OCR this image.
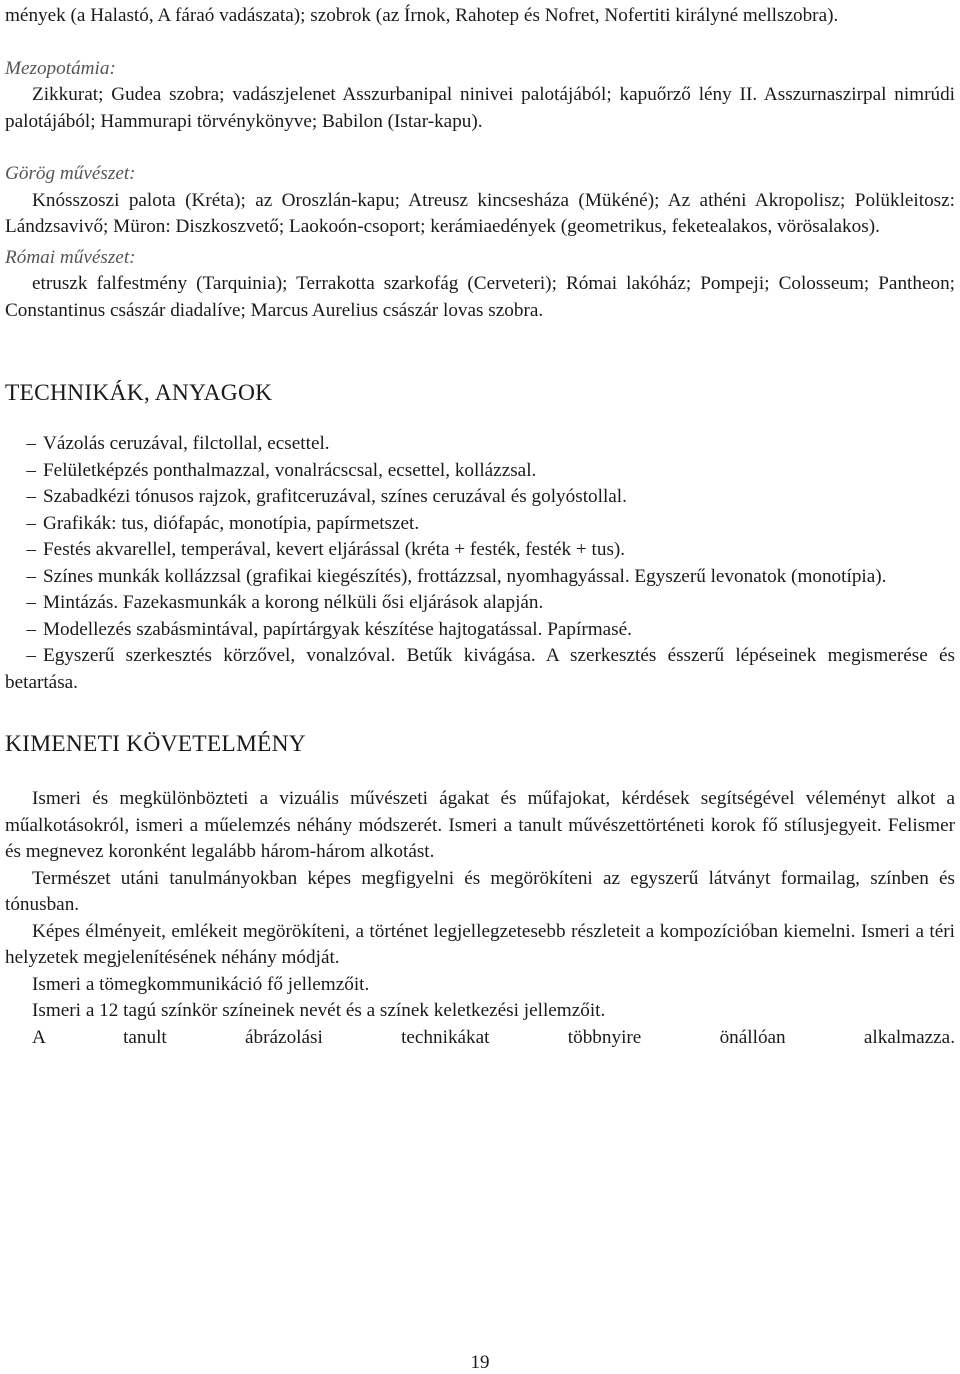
mények (a Halastó, A fáraó vadászata); szobrok (az Írnok, Rahotep és Nofret, Nofertiti királyné mellszobra).

Mezopotámia:

Zikkurat; Gudea szobra; vadászjelenet Asszurbanipal ninivei palotájából; kapuőrző lény II. Asszurnaszirpal nimrúdi palotájából; Hammurapi törvénykönyve; Babilon (Istar-kapu).

Görög művészet:

Knósszoszi palota (Kréta); az Oroszlán-kapu; Atreusz kincsesháza (Mükéné); Az athéni Akropolisz; Polükleitosz: Lándzsavivő; Müron: Diszkoszvető; Laokoón-csoport; kerámiaedények (geometrikus, feketealakos, vörösalakos).

Római művészet:

etruszk falfestmény (Tarquinia); Terrakotta szarkofág (Cerveteri); Római lakóház; Pompeji; Colosseum; Pantheon; Constantinus császár diadalíve; Marcus Aurelius császár lovas szobra.

TECHNIKÁK, ANYAGOK
– Vázolás ceruzával, filctollal, ecsettel.
– Felületképzés ponthalmazzal, vonalrácscsal, ecsettel, kollázzsal.
– Szabadkézi tónusos rajzok, grafitceruzával, színes ceruzával és golyóstollal.
– Grafikák: tus, diófapác, monotípia, papírmetszet.
– Festés akvarellel, temperával, kevert eljárással (kréta + festék, festék + tus).
– Színes munkák kollázzsal (grafikai kiegészítés), frottázzsal, nyomhagyással. Egyszerű levonatok (monotípia).
– Mintázás. Fazekasmunkák a korong nélküli ősi eljárások alapján.
– Modellezés szabásmintával, papírtárgyak készítése hajtogatással. Papírmasé.
– Egyszerű szerkesztés körzővel, vonalzóval. Betűk kivágása. A szerkesztés ésszerű lépéseinek megismerése és betartása.
KIMENETI KÖVETELMÉNY

Ismeri és megkülönbözteti a vizuális művészeti ágakat és műfajokat, kérdések segítségével véleményt alkot a műalkotásokról, ismeri a műelemzés néhány módszerét. Ismeri a tanult művészettörténeti korok fő stílusjegyeit. Felismer és megnevez koronként legalább három-három alkotást.

Természet utáni tanulmányokban képes megfigyelni és megörökíteni az egyszerű látványt formailag, színben és tónusban.

Képes élményeit, emlékeit megörökíteni, a történet legjellegzetesebb részleteit a kompozícióban kiemelni. Ismeri a téri helyzetek megjelenítésének néhány módját.

Ismeri a tömegkommunikáció fő jellemzőit.

Ismeri a 12 tagú színkör színeinek nevét és a színek keletkezési jellemzőit.

A tanult ábrázolási technikákat többnyire önállóan alkalmazza.

19
